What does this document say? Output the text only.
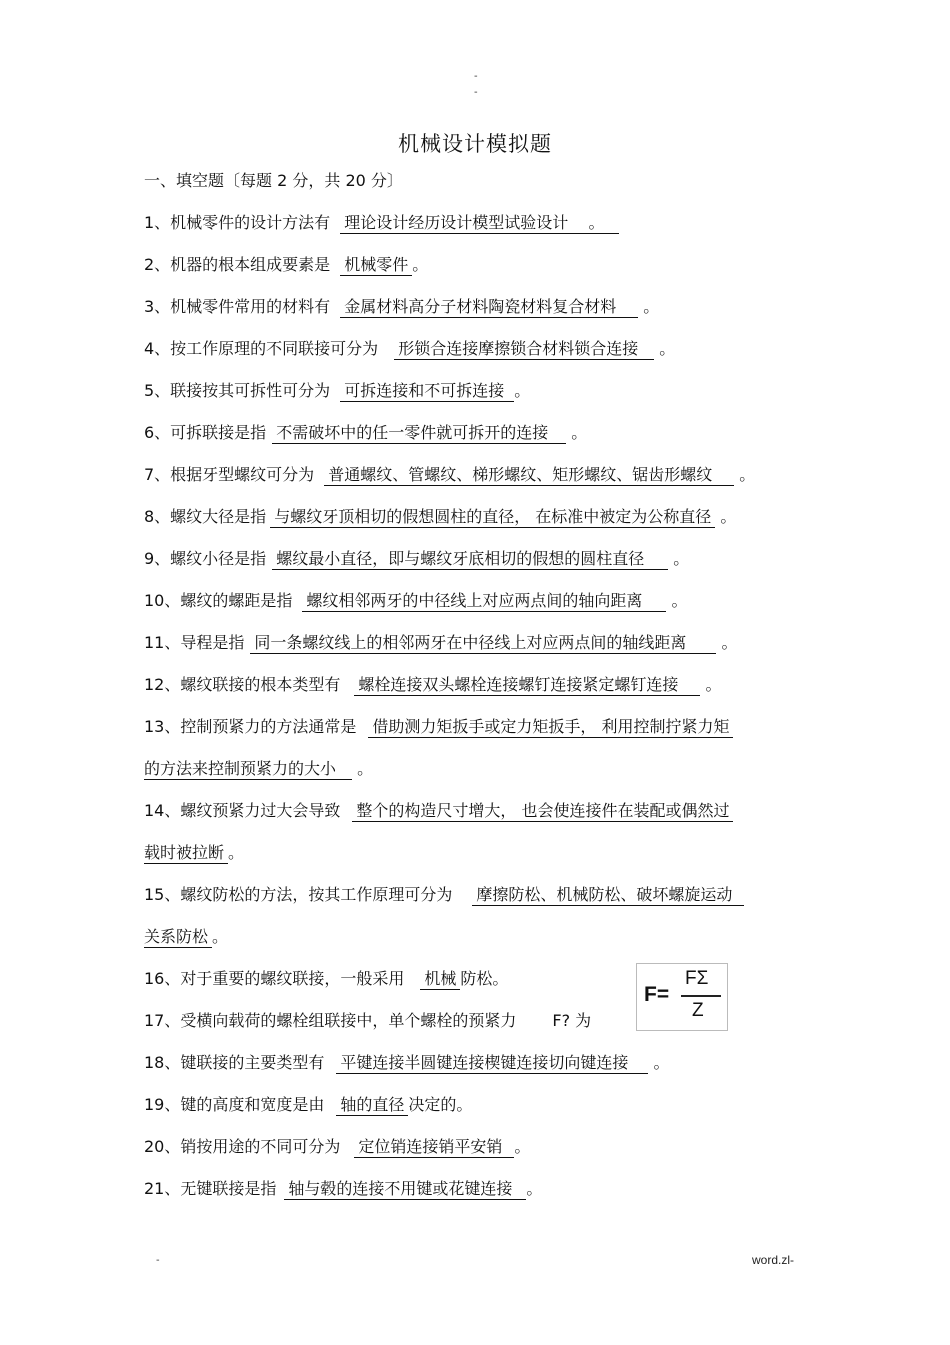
-
-
机械设计模拟题
一、填空题〔每题 2 分，共 20 分〕
1、机械零件的设计方法有 理论设计经历设计模型试验设计 。
2、机器的根本组成要素是 机械零件 。
3、机械零件常用的材料有 金属材料高分子材料陶瓷材料复合材料 。
4、按工作原理的不同联接可分为 形锁合连接摩擦锁合材料锁合连接 。
5、联接按其可拆性可分为 可拆连接和不可拆连接 。
6、可拆联接是指 不需破坏中的任一零件就可拆开的连接 。
7、根据牙型螺纹可分为 普通螺纹、管螺纹、梯形螺纹、矩形螺纹、锯齿形螺纹 。
8、螺纹大径是指 与螺纹牙顶相切的假想圆柱的直径， 在标准中被定为公称直径 。
9、螺纹小径是指 螺纹最小直径，即与螺纹牙底相切的假想的圆柱直径 。
10、螺纹的螺距是指 螺纹相邻两牙的中径线上对应两点间的轴向距离 。
11、导程是指 同一条螺纹线上的相邻两牙在中径线上对应两点间的轴线距离 。
12、螺纹联接的根本类型有 螺栓连接双头螺栓连接螺钉连接紧定螺钉连接 。
13、控制预紧力的方法通常是 借助测力矩扳手或定力矩扳手， 利用控制拧紧力矩
的方法来控制预紧力的大小 。
14、螺纹预紧力过大会导致 整个的构造尺寸增大， 也会使连接件在装配或偶然过
载时被拉断 。
15、螺纹防松的方法，按其工作原理可分为 摩擦防松、机械防松、破坏螺旋运动
关系防松 。
16、对于重要的螺纹联接，一般采用 机械 防松。
17、受横向载荷的螺栓组联接中，单个螺栓的预紧力 F? 为
F=
FΣ
Z
18、键联接的主要类型有 平键连接半圆键连接楔键连接切向键连接 。
19、键的高度和宽度是由 轴的直径 决定的。
20、销按用途的不同可分为 定位销连接销平安销 。
21、无键联接是指 轴与毂的连接不用键或花键连接 。
-	word.zl-
